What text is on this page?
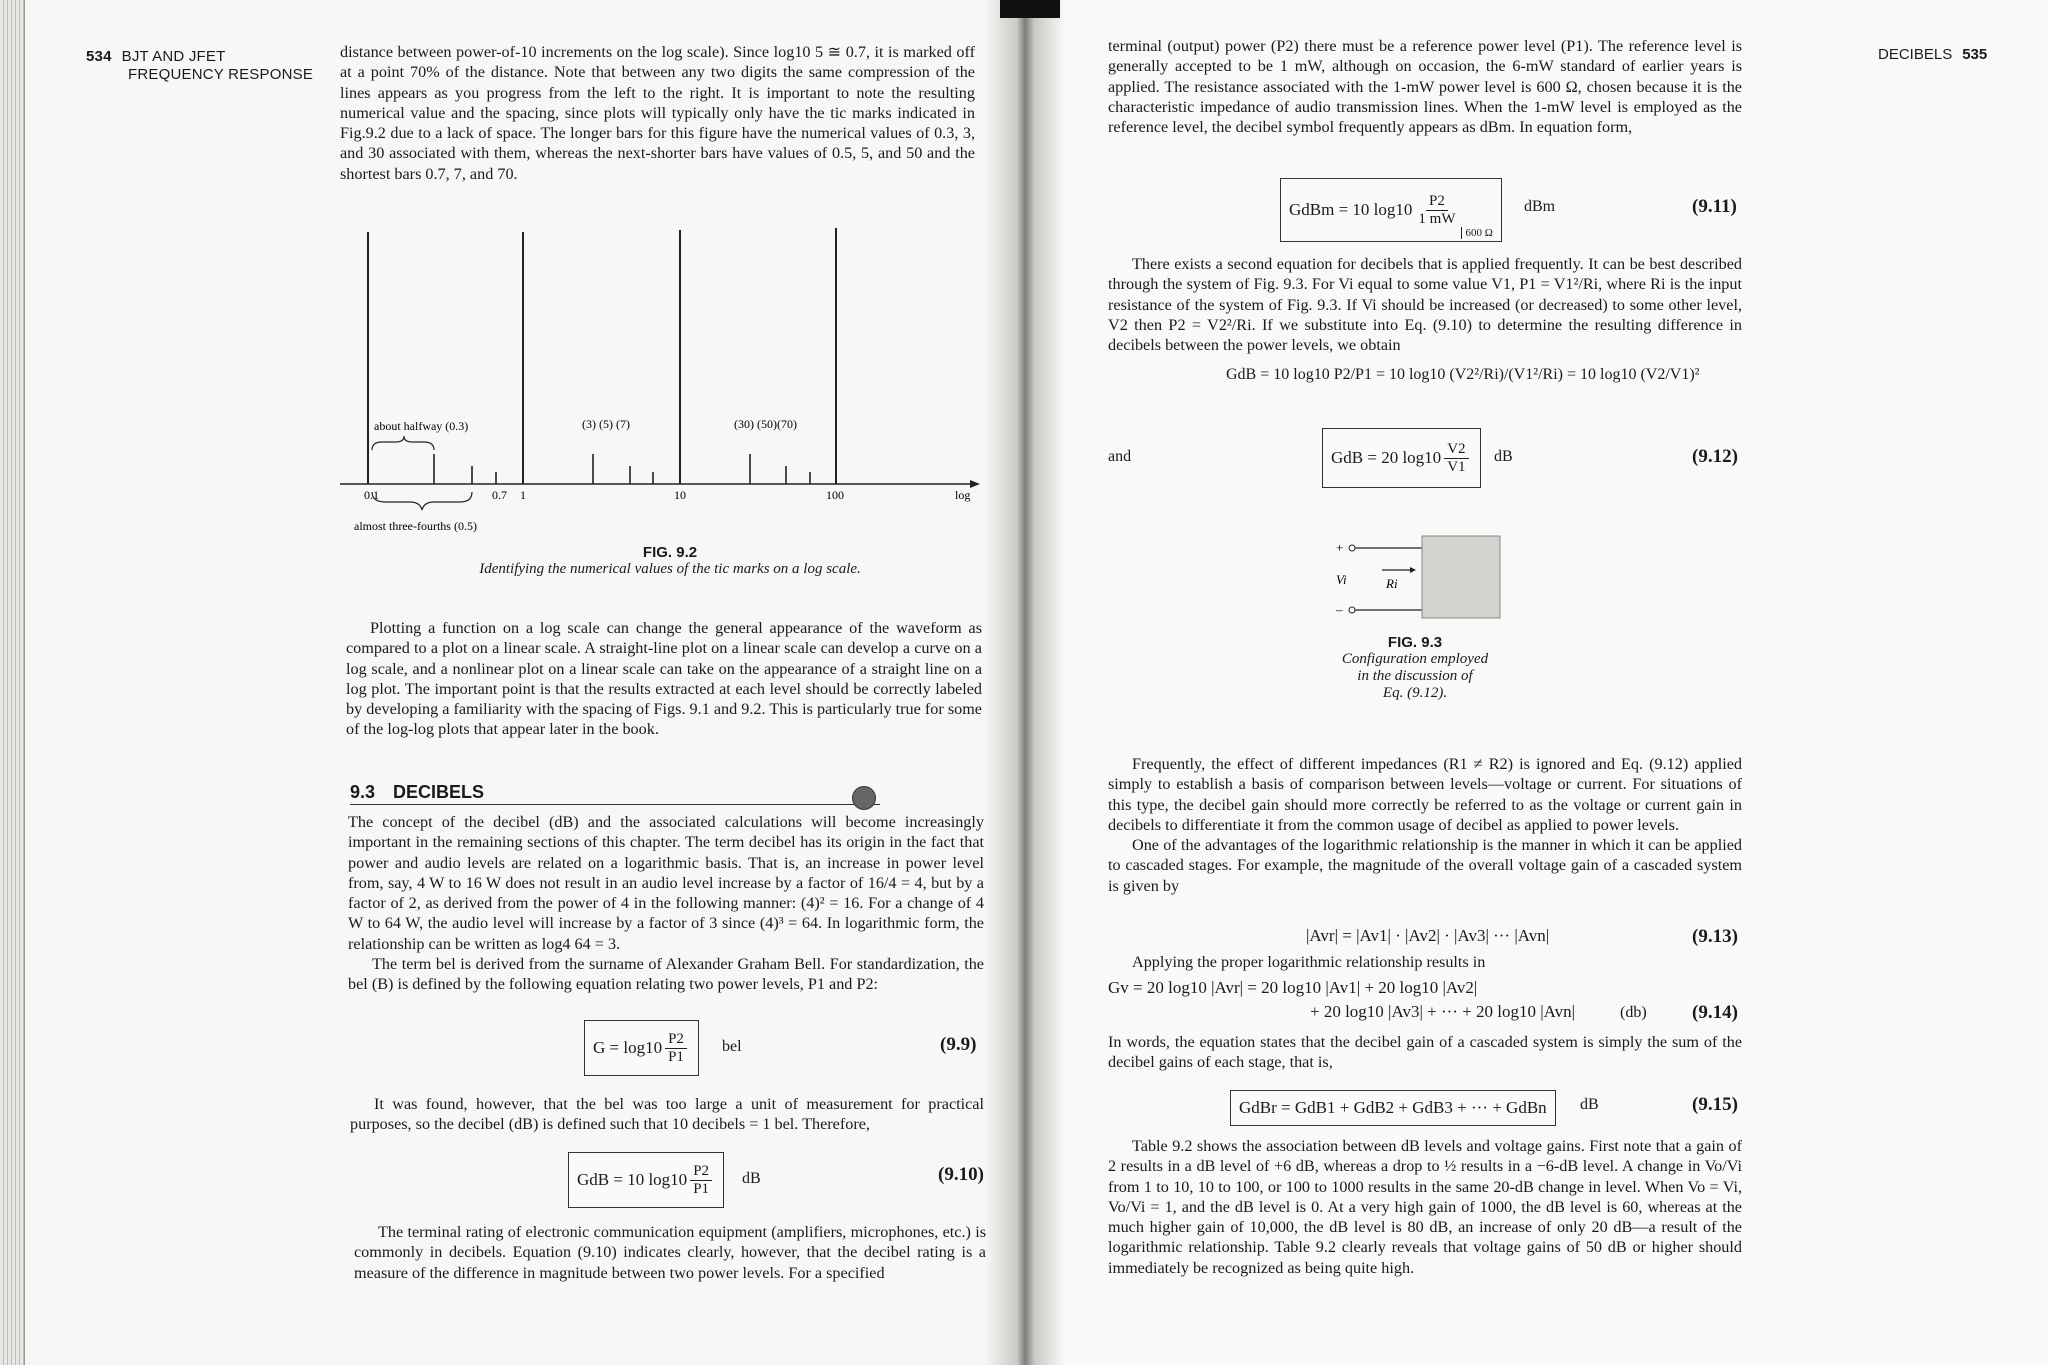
534 BJT AND JFET
FREQUENCY RESPONSE

distance between power-of-10 increments on the log scale). Since log10 5 ≅ 0.7, it is marked off at a point 70% of the distance. Note that between any two digits the same compression of the lines appears as you progress from the left to the right. It is important to note the resulting numerical value and the spacing, since plots will typically only have the tic marks indicated in Fig.9.2 due to a lack of space. The longer bars for this figure have the numerical values of 0.3, 3, and 30 associated with them, whereas the next-shorter bars have values of 0.5, 5, and 50 and the shortest bars 0.7, 7, and 70.

about halfway (0.3)	(3) (5) (7)	(30) (50)(70)
0.1	0.7 1	10	100	log
almost three-fourths (0.5)
FIG. 9.2
Identifying the numerical values of the tic marks on a log scale.

Plotting a function on a log scale can change the general appearance of the waveform as compared to a plot on a linear scale. A straight-line plot on a linear scale can develop a curve on a log scale, and a nonlinear plot on a linear scale can take on the appearance of a straight line on a log plot. The important point is that the results extracted at each level should be correctly labeled by developing a familiarity with the spacing of Figs. 9.1 and 9.2. This is particularly true for some of the log-log plots that appear later in the book.

9.3 DECIBELS

The concept of the decibel (dB) and the associated calculations will become increasingly important in the remaining sections of this chapter. The term decibel has its origin in the fact that power and audio levels are related on a logarithmic basis. That is, an increase in power level from, say, 4 W to 16 W does not result in an audio level increase by a factor of 16/4 = 4, but by a factor of 2, as derived from the power of 4 in the following manner: (4)² = 16. For a change of 4 W to 64 W, the audio level will increase by a factor of 3 since (4)³ = 64. In logarithmic form, the relationship can be written as log4 64 = 3.

The term bel is derived from the surname of Alexander Graham Bell. For standardization, the bel (B) is defined by the following equation relating two power levels, P1 and P2:

$G = \log 10 \frac{P2}{P1}$ bel	(9.9)

It was found, however, that the bel was too large a unit of measurement for practical purposes, so the decibel (dB) is defined such that 10 decibels = 1 bel. Therefore,

GdB = 10 $\log 10 \frac{P2}{P1}$ dB	(9.10)

The terminal rating of electronic communication equipment (amplifiers, microphones, etc.) is commonly in decibels. Equation (9.10) indicates clearly, however, that the decibel rating is a measure of the difference in magnitude between two power levels. For a specified

DECIBELS 535

terminal (output) power (P2) there must be a reference power level (P1). The reference level is generally accepted to be 1 mW, although on occasion, the 6-mW standard of earlier years is applied. The resistance associated with the 1-mW power level is 600 Ω, chosen because it is the characteristic impedance of audio transmission lines. When the 1-mW level is employed as the reference level, the decibel symbol frequently appears as dBm. In equation form,

GdBm = 10 $\log 10 \frac{P2}{1 mW}$
600 Ω
dBm	(9.11)

There exists a second equation for decibels that is applied frequently. It can be best described through the system of Fig. 9.3. For Vi equal to some value V1, P1 = V1²/Ri, where Ri is the input resistance of the system of Fig. 9.3. If Vi should be increased (or decreased) to some other level, V2 then P2 = V2²/Ri. If we substitute into Eq. (9.10) to determine the resulting difference in decibels between the power levels, we obtain

GdB = 10 log10 P2/P1 = 10 log10 (V2²/Ri)/(V1²/Ri) = 10 log10 (V2/V1)²
and	GdB = 20 $\log 10 \frac{V2}{V1}$ dB	(9.12)
+
–
Vi	Ri
FIG. 9.3
Configuration employed
in the discussion of
Eq. (9.12).

Frequently, the effect of different impedances (R1 ≠ R2) is ignored and Eq. (9.12) applied simply to establish a basis of comparison between levels—voltage or current. For situations of this type, the decibel gain should more correctly be referred to as the voltage or current gain in decibels to differentiate it from the common usage of decibel as applied to power levels.

One of the advantages of the logarithmic relationship is the manner in which it can be applied to cascaded stages. For example, the magnitude of the overall voltage gain of a cascaded system is given by

|Avr| = |Av1| · |Av2| · |Av3| ··· |Avn|	(9.13)

Applying the proper logarithmic relationship results in

Gv = 20 log10 |Avr| = 20 log10 |Av1| + 20 log10 |Av2|
+ 20 log10 |Av3| + ··· + 20 log10 |Avn|	(db) (9.14)

In words, the equation states that the decibel gain of a cascaded system is simply the sum of the decibel gains of each stage, that is,

GdBr = GdB1 + GdB2 + GdB3 + ··· + GdBn dB	(9.15)

Table 9.2 shows the association between dB levels and voltage gains. First note that a gain of 2 results in a dB level of +6 dB, whereas a drop to ½ results in a −6-dB level. A change in Vo/Vi from 1 to 10, 10 to 100, or 100 to 1000 results in the same 20-dB change in level. When Vo = Vi, Vo/Vi = 1, and the dB level is 0. At a very high gain of 1000, the dB level is 60, whereas at the much higher gain of 10,000, the dB level is 80 dB, an increase of only 20 dB—a result of the logarithmic relationship. Table 9.2 clearly reveals that voltage gains of 50 dB or higher should immediately be recognized as being quite high.
